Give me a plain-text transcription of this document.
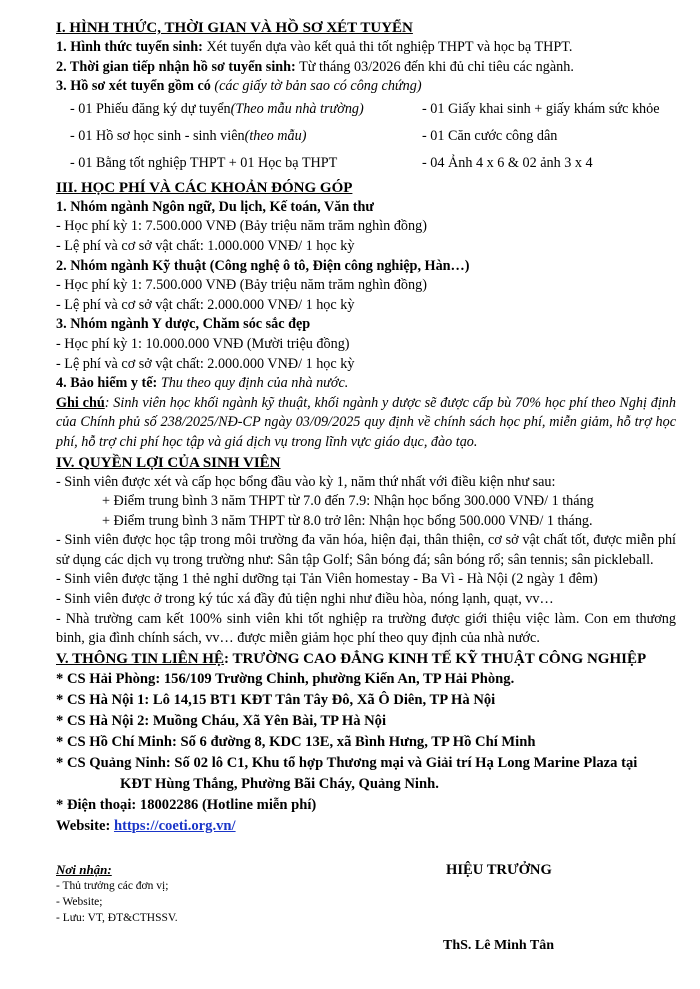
I. HÌNH THỨC, THỜI GIAN VÀ HỒ SƠ XÉT TUYỂN
1. Hình thức tuyển sinh: Xét tuyển dựa vào kết quả thi tốt nghiệp THPT và học bạ THPT.
2. Thời gian tiếp nhận hồ sơ tuyển sinh: Từ tháng 03/2026 đến khi đủ chỉ tiêu các ngành.
3. Hồ sơ xét tuyển gồm có (các giấy tờ bản sao có công chứng)
- 01 Phiếu đăng ký dự tuyển (Theo mẫu nhà trường)	- 01 Giấy khai sinh + giấy khám sức khỏe
- 01 Hồ sơ học sinh - sinh viên (theo mẫu)	- 01 Căn cước công dân
- 01 Bằng tốt nghiệp THPT + 01 Học bạ THPT	- 04 Ảnh 4 x 6 & 02 ảnh 3 x 4
III. HỌC PHÍ VÀ CÁC KHOẢN ĐÓNG GÓP
1. Nhóm ngành Ngôn ngữ, Du lịch, Kế toán, Văn thư
- Học phí kỳ 1: 7.500.000 VNĐ (Bảy triệu năm trăm nghìn đồng)
- Lệ phí và cơ sở vật chất: 1.000.000 VNĐ/ 1 học kỳ
2. Nhóm ngành Kỹ thuật (Công nghệ ô tô, Điện công nghiệp, Hàn…)
- Học phí kỳ 1: 7.500.000 VNĐ (Bảy triệu năm trăm nghìn đồng)
- Lệ phí và cơ sở vật chất: 2.000.000 VNĐ/ 1 học kỳ
3. Nhóm ngành Y dược, Chăm sóc sắc đẹp
- Học phí kỳ 1: 10.000.000 VNĐ (Mười triệu đồng)
- Lệ phí và cơ sở vật chất: 2.000.000 VNĐ/ 1 học kỳ
4. Bảo hiểm y tế: Thu theo quy định của nhà nước.
Ghi chú: Sinh viên học khối ngành kỹ thuật, khối ngành y dược sẽ được cấp bù 70% học phí theo Nghị định của Chính phủ số 238/2025/NĐ-CP ngày 03/09/2025 quy định về chính sách học phí, miễn giảm, hỗ trợ học phí, hỗ trợ chi phí học tập và giá dịch vụ trong lĩnh vực giáo dục, đào tạo.
IV. QUYỀN LỢI CỦA SINH VIÊN
- Sinh viên được xét và cấp học bổng đầu vào kỳ 1, năm thứ nhất với điều kiện như sau:
+ Điểm trung bình 3 năm THPT từ 7.0 đến 7.9: Nhận học bổng 300.000 VNĐ/ 1 tháng
+ Điểm trung bình 3 năm THPT từ 8.0 trở lên: Nhận học bổng 500.000 VNĐ/ 1 tháng.
- Sinh viên được học tập trong môi trường đa văn hóa, hiện đại, thân thiện, cơ sở vật chất tốt, được miễn phí sử dụng các dịch vụ trong trường như: Sân tập Golf; Sân bóng đá; sân bóng rổ; sân tennis; sân pickleball.
- Sinh viên được tặng 1 thẻ nghỉ dưỡng tại Tản Viên homestay - Ba Vì - Hà Nội (2 ngày 1 đêm)
- Sinh viên được ở trong ký túc xá đầy đủ tiện nghi như điều hòa, nóng lạnh, quạt, vv…
- Nhà trường cam kết 100% sinh viên khi tốt nghiệp ra trường được giới thiệu việc làm. Con em thương binh, gia đình chính sách, vv… được miễn giảm học phí theo quy định của nhà nước.
V. THÔNG TIN LIÊN HỆ: TRƯỜNG CAO ĐẲNG KINH TẾ KỸ THUẬT CÔNG NGHIỆP
* CS Hải Phòng: 156/109 Trường Chinh, phường Kiến An, TP Hải Phòng.
* CS Hà Nội 1: Lô 14,15 BT1 KĐT Tân Tây Đô, Xã Ô Diên, TP Hà Nội
* CS Hà Nội 2: Muồng Cháu, Xã Yên Bài, TP Hà Nội
* CS Hồ Chí Minh: Số 6 đường 8, KDC 13E, xã Bình Hưng, TP Hồ Chí Minh
* CS Quảng Ninh: Số 02 lô C1, Khu tổ hợp Thương mại và Giải trí Hạ Long Marine Plaza tại
KĐT Hùng Thắng, Phường Bãi Cháy, Quảng Ninh.
* Điện thoại: 18002286 (Hotline miễn phí)
Website: https://coeti.org.vn/
Nơi nhận:
- Thủ trưởng các đơn vị;
- Website;
- Lưu: VT, ĐT&CTHSSV.
HIỆU TRƯỞNG
ThS. Lê Minh Tân
